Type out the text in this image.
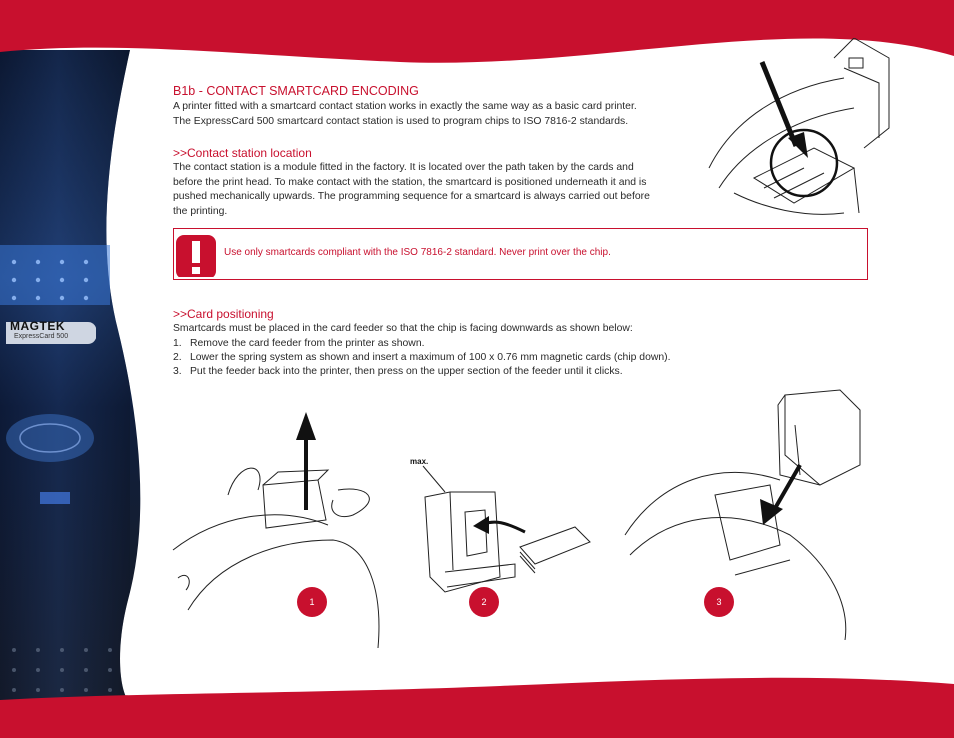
MAGTEK
ExpressCard 500
B1b - CONTACT SMARTCARD ENCODING
A printer fitted with a smartcard contact station works in exactly the same way as a basic card printer.
The ExpressCard 500 smartcard contact station is used to program chips to ISO 7816-2 standards.
>>Contact station location
The contact station is a module fitted in the factory. It is located over the path taken by the cards and
before the print head. To make contact with the station, the smartcard is positioned underneath it and is
pushed mechanically upwards. The programming sequence for a smartcard is always carried out before
the printing.
Use only smartcards compliant with the ISO 7816-2 standard. Never print over the chip.
>>Card positioning
Smartcards must be placed in the card feeder so that the chip is facing downwards as shown below:
1. Remove the card feeder from the printer as shown.
2. Lower the spring system as shown and insert a maximum of 100 x 0.76 mm magnetic cards (chip down).
3. Put the feeder back into the printer, then press on the upper section of the feeder until it clicks.
max.
1	2	3
